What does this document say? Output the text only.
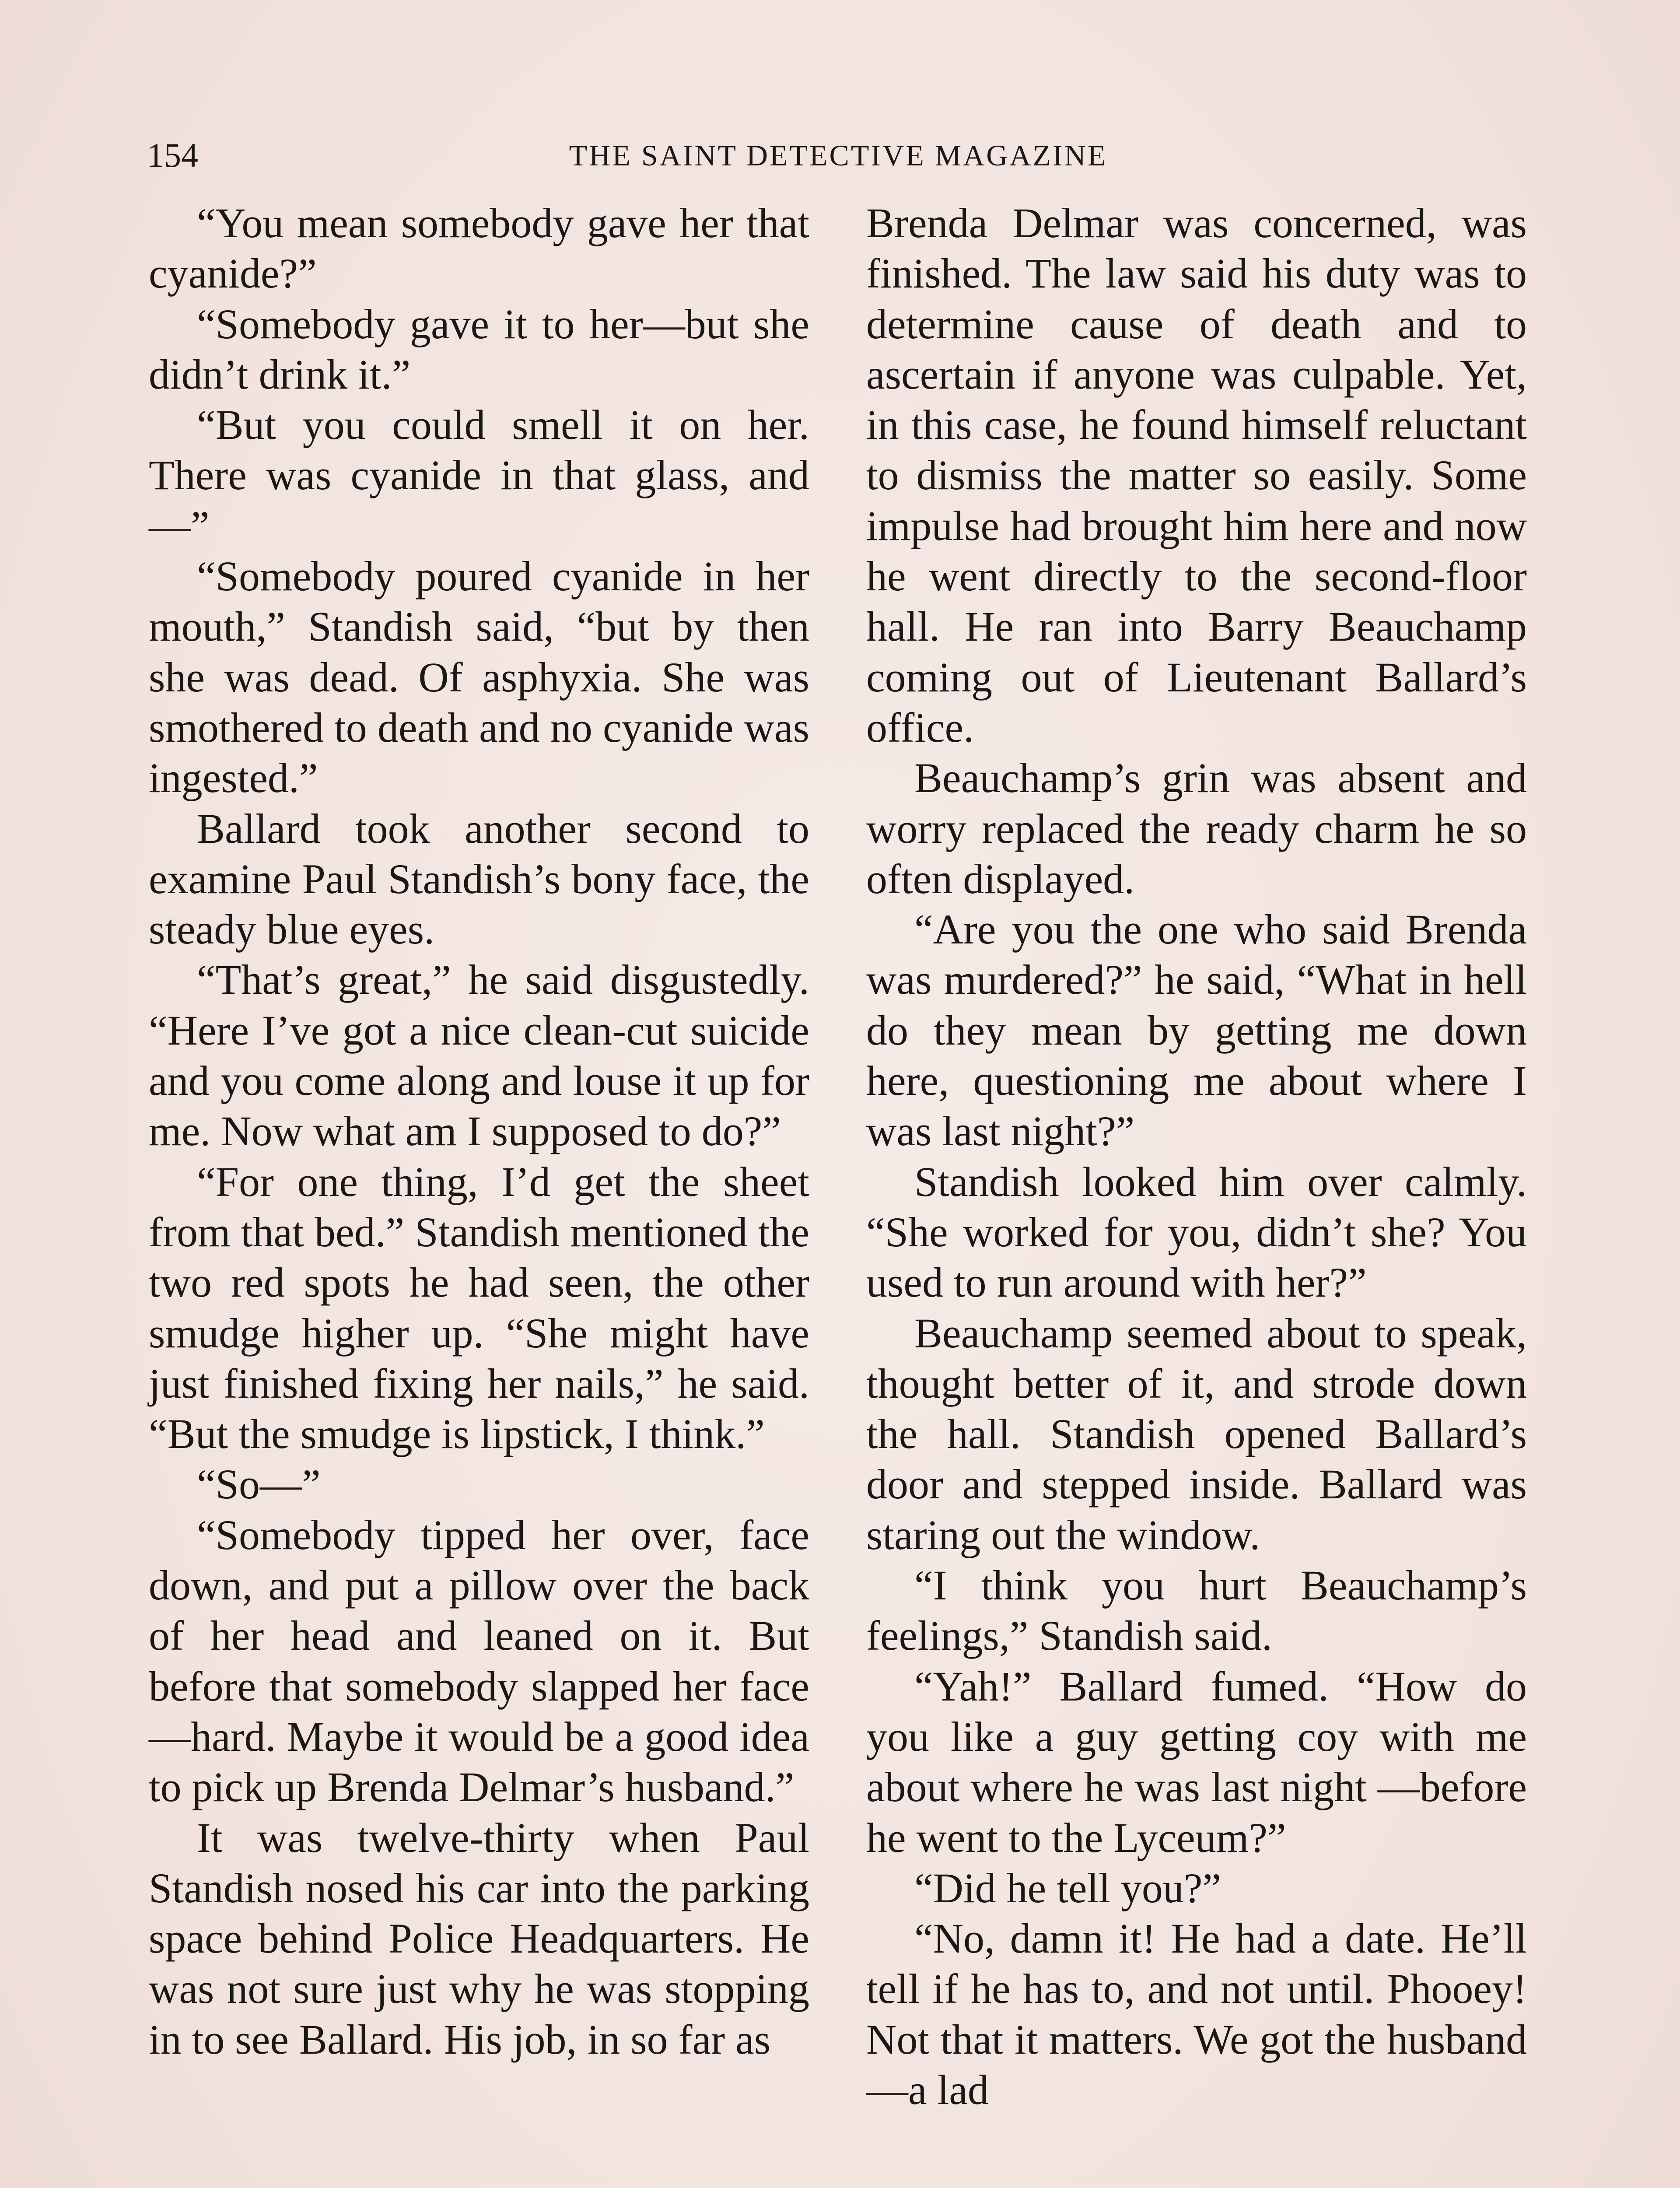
154	THE SAINT DETECTIVE MAGAZINE

“You mean somebody gave her that cyanide?”

“Somebody gave it to her—but she didn’t drink it.”

“But you could smell it on her. There was cyanide in that glass, and—”

“Somebody poured cyanide in her mouth,” Standish said, “but by then she was dead. Of asphyxia. She was smothered to death and no cyanide was ingested.”

Ballard took another second to examine Paul Standish’s bony face, the steady blue eyes.

“That’s great,” he said disgustedly. “Here I’ve got a nice clean-cut suicide and you come along and louse it up for me. Now what am I supposed to do?”

“For one thing, I’d get the sheet from that bed.” Standish mentioned the two red spots he had seen, the other smudge higher up. “She might have just finished fixing her nails,” he said. “But the smudge is lipstick, I think.”

“So—”

“Somebody tipped her over, face down, and put a pillow over the back of her head and leaned on it. But before that somebody slapped her face—hard. Maybe it would be a good idea to pick up Brenda Delmar’s husband.”

It was twelve-thirty when Paul Standish nosed his car into the parking space behind Police Headquarters. He was not sure just why he was stopping in to see Ballard. His job, in so far as

Brenda Delmar was concerned, was finished. The law said his duty was to determine cause of death and to ascertain if anyone was culpable. Yet, in this case, he found himself reluctant to dismiss the matter so easily. Some impulse had brought him here and now he went directly to the second-floor hall. He ran into Barry Beauchamp coming out of Lieutenant Ballard’s office.

Beauchamp’s grin was absent and worry replaced the ready charm he so often displayed.

“Are you the one who said Brenda was murdered?” he said, “What in hell do they mean by getting me down here, questioning me about where I was last night?”

Standish looked him over calmly. “She worked for you, didn’t she? You used to run around with her?”

Beauchamp seemed about to speak, thought better of it, and strode down the hall. Standish opened Ballard’s door and stepped inside. Ballard was staring out the window.

“I think you hurt Beauchamp’s feelings,” Standish said.

“Yah!” Ballard fumed. “How do you like a guy getting coy with me about where he was last night —before he went to the Lyceum?”

“Did he tell you?”

“No, damn it! He had a date. He’ll tell if he has to, and not until. Phooey! Not that it matters. We got the husband—a lad
